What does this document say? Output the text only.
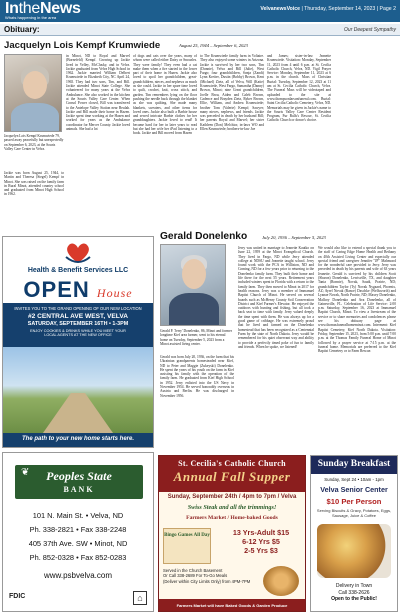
IntheNews
Whats happening in the area
VelvanewsVoice | Thursday, September 14, 2023 | Page 2
Obituary:	Our Deepest Sympathy
Jacquelyn Lois Kempf Krumwiede	August 25, 1944 – September 6, 2023
Jacquelyn Lois Kempf Krumwiede 79, passed away peacefully but unexpectedly on September 6, 2023, at the Souris Valley Care Center in Velva.
Jackie was born August 25, 1944, to Martin and Theresa (Siegel) Kempf in Minot. She was raised on the family farm in Rural Minot, attended country school and graduated from Minot High School in 1962.
in Minot, ND to Royal and Marvel (Bornefeld) Kempf. Growing up Jackie lived in Velley, McClusky, and in Velva. Jackie graduated from Velva High School in 1962. Jackie married William Delbert Krumwiede in Elizabeth City, NC April 24, 1965. They had two sons, Tim, and Bill. Jackie attended Minot State College. She volunteered for many years at the Velva Ambulance. She also worked in the kitchen at the Souris Valley Care Center. When Consol Power closed, Bill was transferred to the Antelope Valley Station near Beulah. Jackie and Bill made their home in Hazen. Jackie spent time working at the Hazen and worked for years as the Ambulance coordinator for Mercer County. Jackie loved animals. She had a lot
of dogs and cats over the years, many of whom were called either Daisy or Snoozles. They were family! They even had a cat make them when a fire started in the lower part of their home in Hazen. Jackie also loved to spoil her grandchildren, great-grandchildren, nieces, and nephews as much as she could. Jackie in her spare time loved to quilt, crochet, knit, cross stitch, and garden. Tim remembers lying on the floor pushing the needle back through the blanket as she was quilting. She made many blankets, sweaters, and other items for loved ones. Jackie also built a Barbie house and sewed intricate Barbie clothes for her granddaughters. Jackie loved to read! It became hard for her in later years to read but she had her wife her iPad listening to a book. Jackie and Bill moved from Hazen
to The Krumwiede family farm in Voltaire. They also enjoyed some winters in Arizona. Jackie is survived by her two sons, Tim (Donnie), Velva and Bill (Julie), West Fargo; four grandchildren, Sonja (Zandt) Lynn Kreiter, Dustin (Bobby) Brown, Kent (Michael) Zietz, all of Velva, Will (Katie) Krumwiede, West Fargo, Samantha (Danny) Brown, Minot; nine Great grandchildren, Joelle Brou, Aiden and Caleb Brown, Cadence and Brayden Zietz, Ryker Brown, Ellie, William, and Andrea Krumwiede; brother Tom (Valerie) Kempf; Sawyer; many nieces, nephews, and friends. Jackie was preceded in death by her husband Bill; her parents Royal and Marvel; her sister Kathleen (Don) Melchior, in-laws WO and Ellen Krumwiede; brothers-in-law Joe
and James; sister-in-law Jeanette Krumwiede. Visitation: Monday, September 11, 2023 from 4 until 6 p.m. at St. Cecilia Catholic Church, Velva, ND. Vigil Prayer Service: Monday, September 11, 2023 at 6 p.m. in the church. Mass of Christian Burial: Tuesday, September 12, 2023 at 11 am at St. Cecilia Catholic Church, Velva. The Funeral Mass will be videotaped and uploaded to the site at www.thompsonlarsonfuneral.com. Burial: Saint Cecilia Catholic Cemetery, Velva, ND. Memorials may be given in Jackie's name to the Souris Valley Care Center Resident Program, Fur Balls's Rescue, St. Cecilia Catholic Church or donor's choice.
Health & Benefit Services LLC
OPEN House
INVITES YOU TO THE GRAND OPENING OF OUR NEW LOCATION
#2 CENTRAL AVE WEST, VELVA
SATURDAY, SEPTEMBER 16TH • 1-3PM
ENJOY COOKIES & DRINKS WHILE YOU MEET YOUR
LOCAL AGENTS AT THE NEW OFFICE
The path to your new home starts here.
❦	Peoples State
BANK
101 N. Main St. • Velva, ND
Ph. 338-2821 • Fax 338-2248
405 37th Ave. SW • Minot, ND
Ph. 852-0328 • Fax 852-0283
www.psbvelva.com
FDIC	⌂
Gerald Donelenko	July 20, 1936 – September 5, 2023
Gerald P. 'Jerry' Donelenko, 86, Minot and former longtime Kief area farmer, went to his eternal home on Tuesday, September 5, 2023 from a Minot assisted living center.
Gerald was born July 20, 1936, on the farm that his Ukrainian grandparents homesteaded near Kief, ND to Peter and Maggie (Zukeyski) Donelenko. He spent the years of his youth on the farm in Kief assisting his family with the operation of the family farm. He graduated from Kief High School in 1952. Jerry enlisted into the US Navy in November 1954. He served honorably overseas in Austria and Berlin. He was discharged in November 1956.
Jerry was united in marriage to Jeanette Kautko on June 22, 1959 at the Minot Evangelical Church. They lived in Fargo, ND while Jerry attended college at NDSU and Jeanette taught school. Jerry found work with the PCA in Williston, ND and Coming, ND for a few years prior to returning to the Donelenko family farm. They built their home and life there for the next 55 years. Retirement years included winters spent in Florida with a return to the family farm. They then moved to Minot in 2017 for health reasons. Jerry was a member of Immanuel Baptist Church of Minot. He served on several boards such as McHenry County Soil Conservation District and Kief Farmer's Elevator. He enjoyed the outdoors with hunting and fishing, but all took a back seat to time with family. Jerry valued deeply the time spent with them. He was always up for a good game of cribbage. He was extremely proud that he lived and farmed on the Donelenko homestead that has been recognized as a Centennial Farm by the state of North Dakota. Jerry would be remembered for his quiet observant way and ability to provide a perfectly timed poke of fun to family and friends. When he spoke, we listened!
We would also like to extend a special thank you to the staff of Caring Edge Home Health and Bethany on 40th Assisted Living Center and especially our special friend and caregiver Jennifer "JP" Mahmood for the wonderful care provided to Jerry. Jerry was preceded in death by his parents and wife of 63 years Jeanette. Gerald is survived by his children Scott (Sharon) Donelenko, Lewisville, TX, and daughter Tania (Ronnie), Novak, Saudi, Prairie, ND; grandchildren Taylor (Ty) Novak Nygaard, Phoenix, AZ; Ayrel Novak (Rance) Daschke (Wellsworth) and Lyanae Novak, North Prairie, ND; Maxey Donelenko, Mallory Donelenko and Ava Donelenko, all of Gainesville, FL. Celebration of Life Service: 2:00 p.m. Saturday, September 16, 2023 at Immanuel Baptist Church, Minot. To view a livestream of the service or to share memories and condolences please see his obituary page at www.thomasfuneralhomeminot.com. Interment: Kief Baptist Cemetery, Kief North Dakota. Visitation: Friday, September 15, 2023, from 5:00 p.m. until 7:00 p.m. at the Thomas Family Funeral Home of Minot followed by a prayer service at 7:15 p.m. at the funeral home. Memorials are preferred to the Kief Baptist Cemetery or to Farm Rescue.
St. Cecilia's Catholic Church
Annual Fall Supper
Sunday, September 24th / 4pm to 7pm / Velva
Swiss Steak and all the trimmings!
Farmers Market / Home-baked Goods
Bingo Games All Day	13 Yrs-Adult $15
6-12 Yrs $5
2-5 Yrs $3
Served in the Church Basement
Or Call 338-2689 For To-Go Meals
(Deliver within City Limits Only) from 4PM-7PM
Farmers Market will have Baked Goods & Garden Produce
Sunday Breakfast
Sunday, Sept 24 • 10am - 1pm
Velva Senior Center
$10 Per Person
Serving Biscuits & Gravy, Potatoes, Eggs, Sausage, Juice & Coffee
Delivery in Town
Call 338-2626
Open to the Public!
